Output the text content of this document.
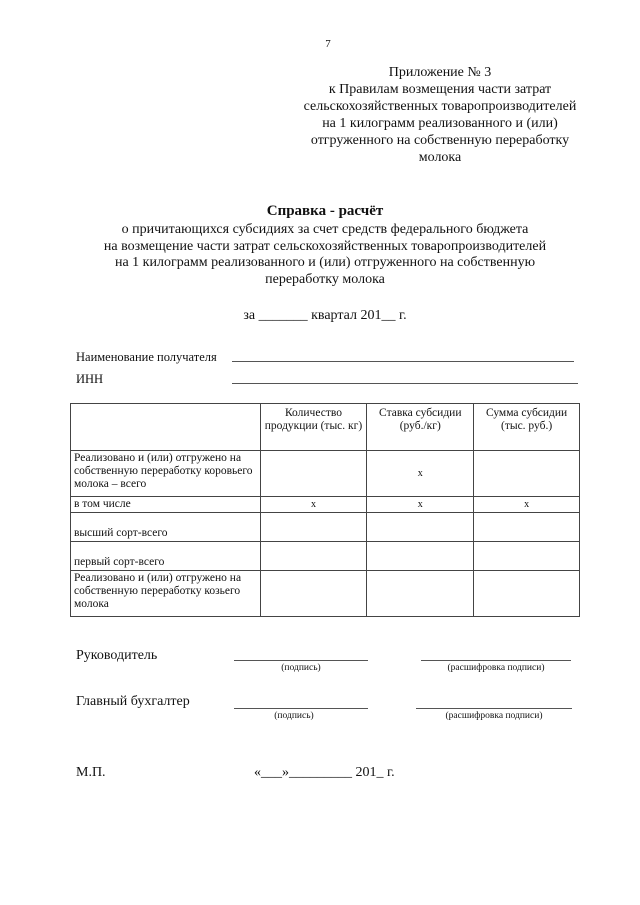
7
Приложение № 3
к Правилам возмещения части затрат
сельскохозяйственных товаропроизводителей
на 1 килограмм реализованного и (или)
отгруженного на собственную переработку
молока
Справка - расчёт
о причитающихся субсидиях за счет средств федерального бюджета
на возмещение части затрат сельскохозяйственных товаропроизводителей
на 1 килограмм реализованного и (или) отгруженного на собственную
переработку молока
за _______ квартал 201__ г.
Наименование получателя
ИНН
	Количество продукции (тыс. кг)	Ставка субсидии (руб./кг)	Сумма субсидии (тыс. руб.)
Реализовано и (или) отгружено на собственную переработку коровьего молока – всего		x	
в том числе	x	x	x
высший сорт-всего			
первый сорт-всего			
Реализовано и (или) отгружено на собственную переработку козьего молока			
Руководитель
(подпись)	(расшифровка подписи)
Главный бухгалтер
(подпись)	(расшифровка подписи)
М.П.	«___»_________ 201_ г.
